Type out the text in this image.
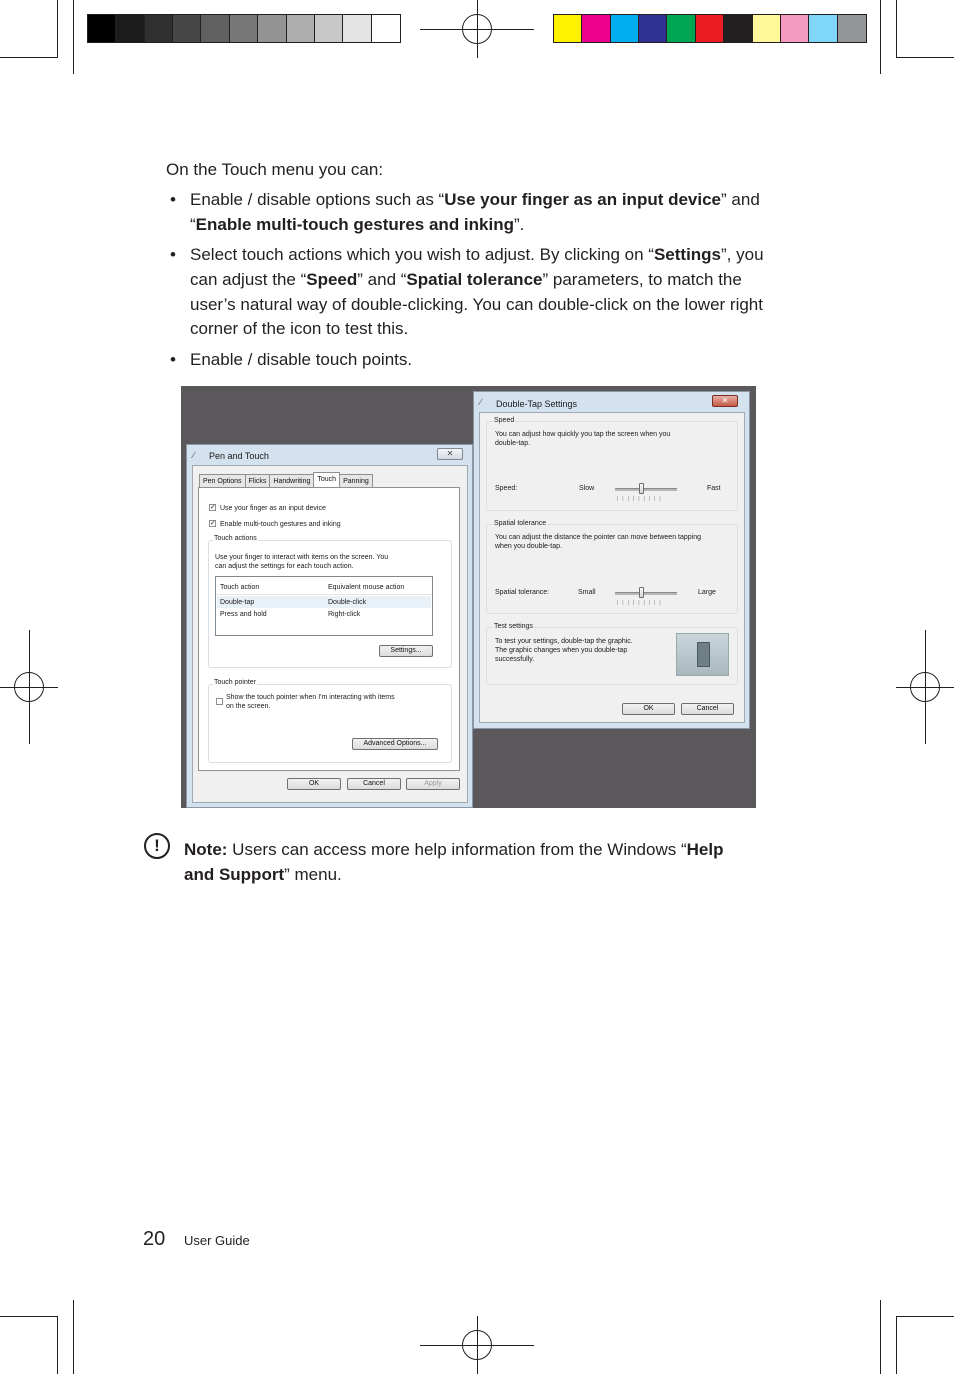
On the Touch menu you can:
• Enable / disable options such as “Use your finger as an input device” and
“Enable multi-touch gestures and inking”.
• Select touch actions which you wish to adjust. By clicking on “Settings”, you
can adjust the “Speed” and “Spatial tolerance” parameters, to match the
user’s natural way of double-clicking. You can double-click on the lower right
corner of the icon to test this.
• Enable / disable touch points.
∕ Pen and Touch	✕
Pen Options	Flicks	Handwriting	Touch	Panning
✓ Use your finger as an input device
✓ Enable multi-touch gestures and inking
Touch actions
Use your finger to interact with items on the screen. You
can adjust the settings for each touch action.
Touch action	Equivalent mouse action
Double-tap	Double-click
Press and hold	Right-click
Settings...
Touch pointer
Show the touch pointer when I'm interacting with items
on the screen.
Advanced Options...
OK	Cancel	Apply
∕ Double-Tap Settings	✕
Speed
You can adjust how quickly you tap the screen when you
double-tap.
Speed:	Slow
|||||||||
Fast
Spatial tolerance
You can adjust the distance the pointer can move between tapping
when you double-tap.
Spatial tolerance:	Small
|||||||||
Large
Test settings
To test your settings, double-tap the graphic.
The graphic changes when you double-tap
successfully.
OK	Cancel
!	Note: Users can access more help information from the Windows “Help
and Support” menu.
20 User Guide
